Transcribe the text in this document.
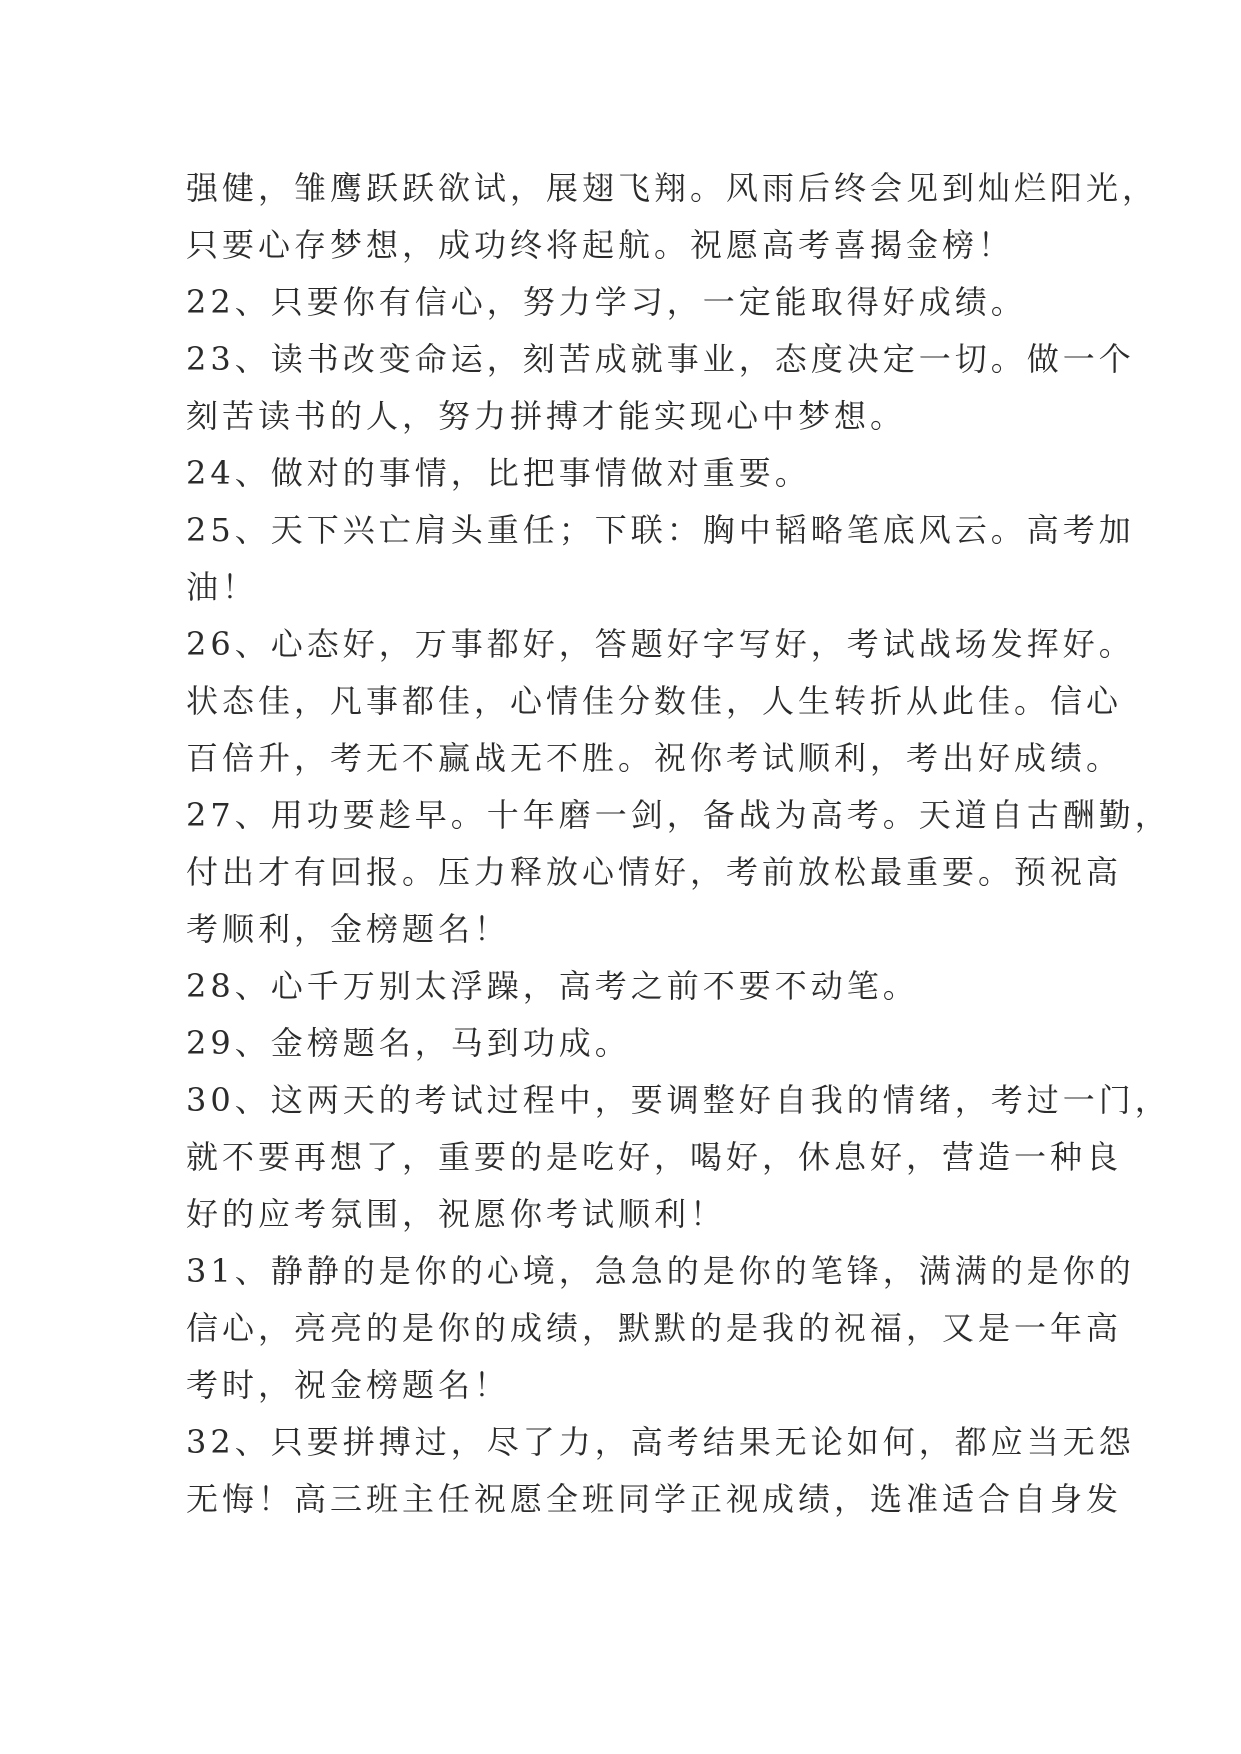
强健，雏鹰跃跃欲试，展翅飞翔。风雨后终会见到灿烂阳光，
只要心存梦想，成功终将起航。祝愿高考喜揭金榜！
22、只要你有信心，努力学习，一定能取得好成绩。
23、读书改变命运，刻苦成就事业，态度决定一切。做一个
刻苦读书的人，努力拼搏才能实现心中梦想。
24、做对的事情，比把事情做对重要。
25、天下兴亡肩头重任；下联：胸中韬略笔底风云。高考加
油！
26、心态好，万事都好，答题好字写好，考试战场发挥好。
状态佳，凡事都佳，心情佳分数佳，人生转折从此佳。信心
百倍升，考无不赢战无不胜。祝你考试顺利，考出好成绩。
27、用功要趁早。十年磨一剑，备战为高考。天道自古酬勤，
付出才有回报。压力释放心情好，考前放松最重要。预祝高
考顺利，金榜题名！
28、心千万别太浮躁，高考之前不要不动笔。
29、金榜题名，马到功成。
30、这两天的考试过程中，要调整好自我的情绪，考过一门，
就不要再想了，重要的是吃好，喝好，休息好，营造一种良
好的应考氛围，祝愿你考试顺利！
31、静静的是你的心境，急急的是你的笔锋，满满的是你的
信心，亮亮的是你的成绩，默默的是我的祝福，又是一年高
考时，祝金榜题名！
32、只要拼搏过，尽了力，高考结果无论如何，都应当无怨
无悔！高三班主任祝愿全班同学正视成绩，选准适合自身发
